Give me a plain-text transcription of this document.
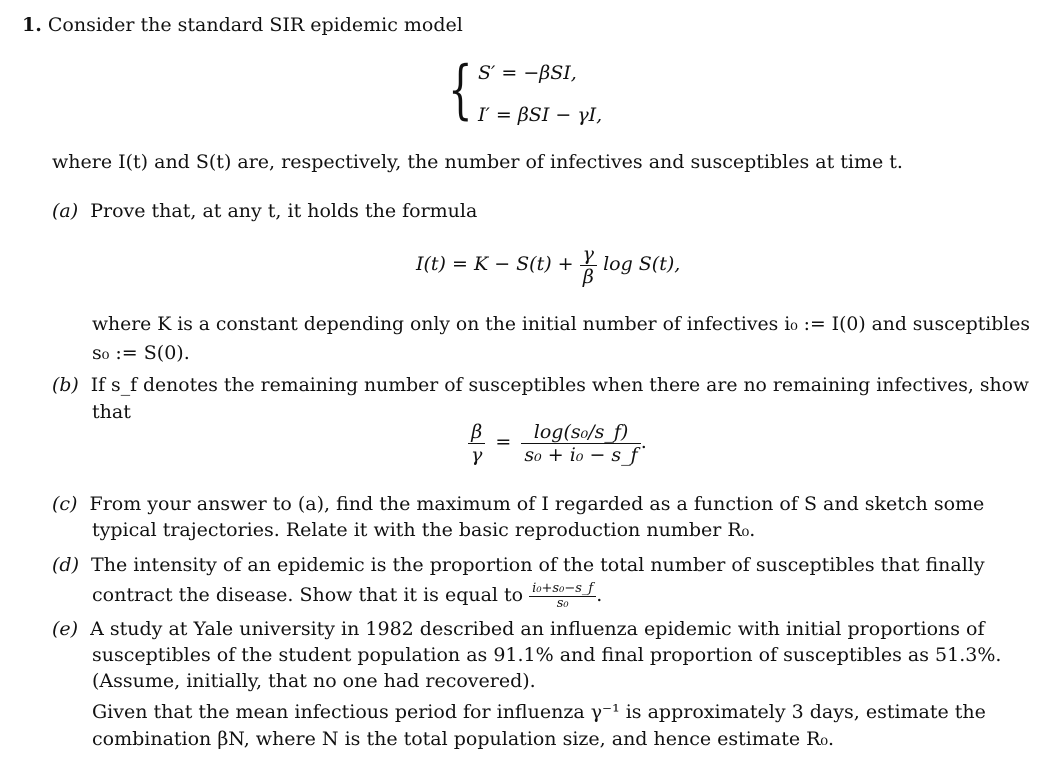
1. Consider the standard SIR epidemic model
{ S′ = −βSI,
I′ = βSI − γI,
where I(t) and S(t) are, respectively, the number of infectives and susceptibles at time t.
(a) Prove that, at any t, it holds the formula
$I(t) = K - S(t) + \frac{\gamma}{\beta}$ log S(t),
where K is a constant depending only on the initial number of infectives i₀ := I(0) and susceptibles
s₀ := S(0).
(b) If s_f denotes the remaining number of susceptibles when there are no remaining infectives, show
that
$\frac{\beta}{\gamma} = \frac{\text{log(s₀/s\_f)}}{\text{s₀ + i₀ − s\_f}}$ .
(c) From your answer to (a), find the maximum of I regarded as a function of S and sketch some
typical trajectories. Relate it with the basic reproduction number R₀.
(d) The intensity of an epidemic is the proportion of the total number of susceptibles that finally
contract the disease. Show that it is equal to $\frac{\text{i₀+s₀−s\_f}}{\text{s₀}}$ .
(e) A study at Yale university in 1982 described an influenza epidemic with initial proportions of
susceptibles of the student population as 91.1% and final proportion of susceptibles as 51.3%.
(Assume, initially, that no one had recovered).
Given that the mean infectious period for influenza γ⁻¹ is approximately 3 days, estimate the
combination βN, where N is the total population size, and hence estimate R₀.
